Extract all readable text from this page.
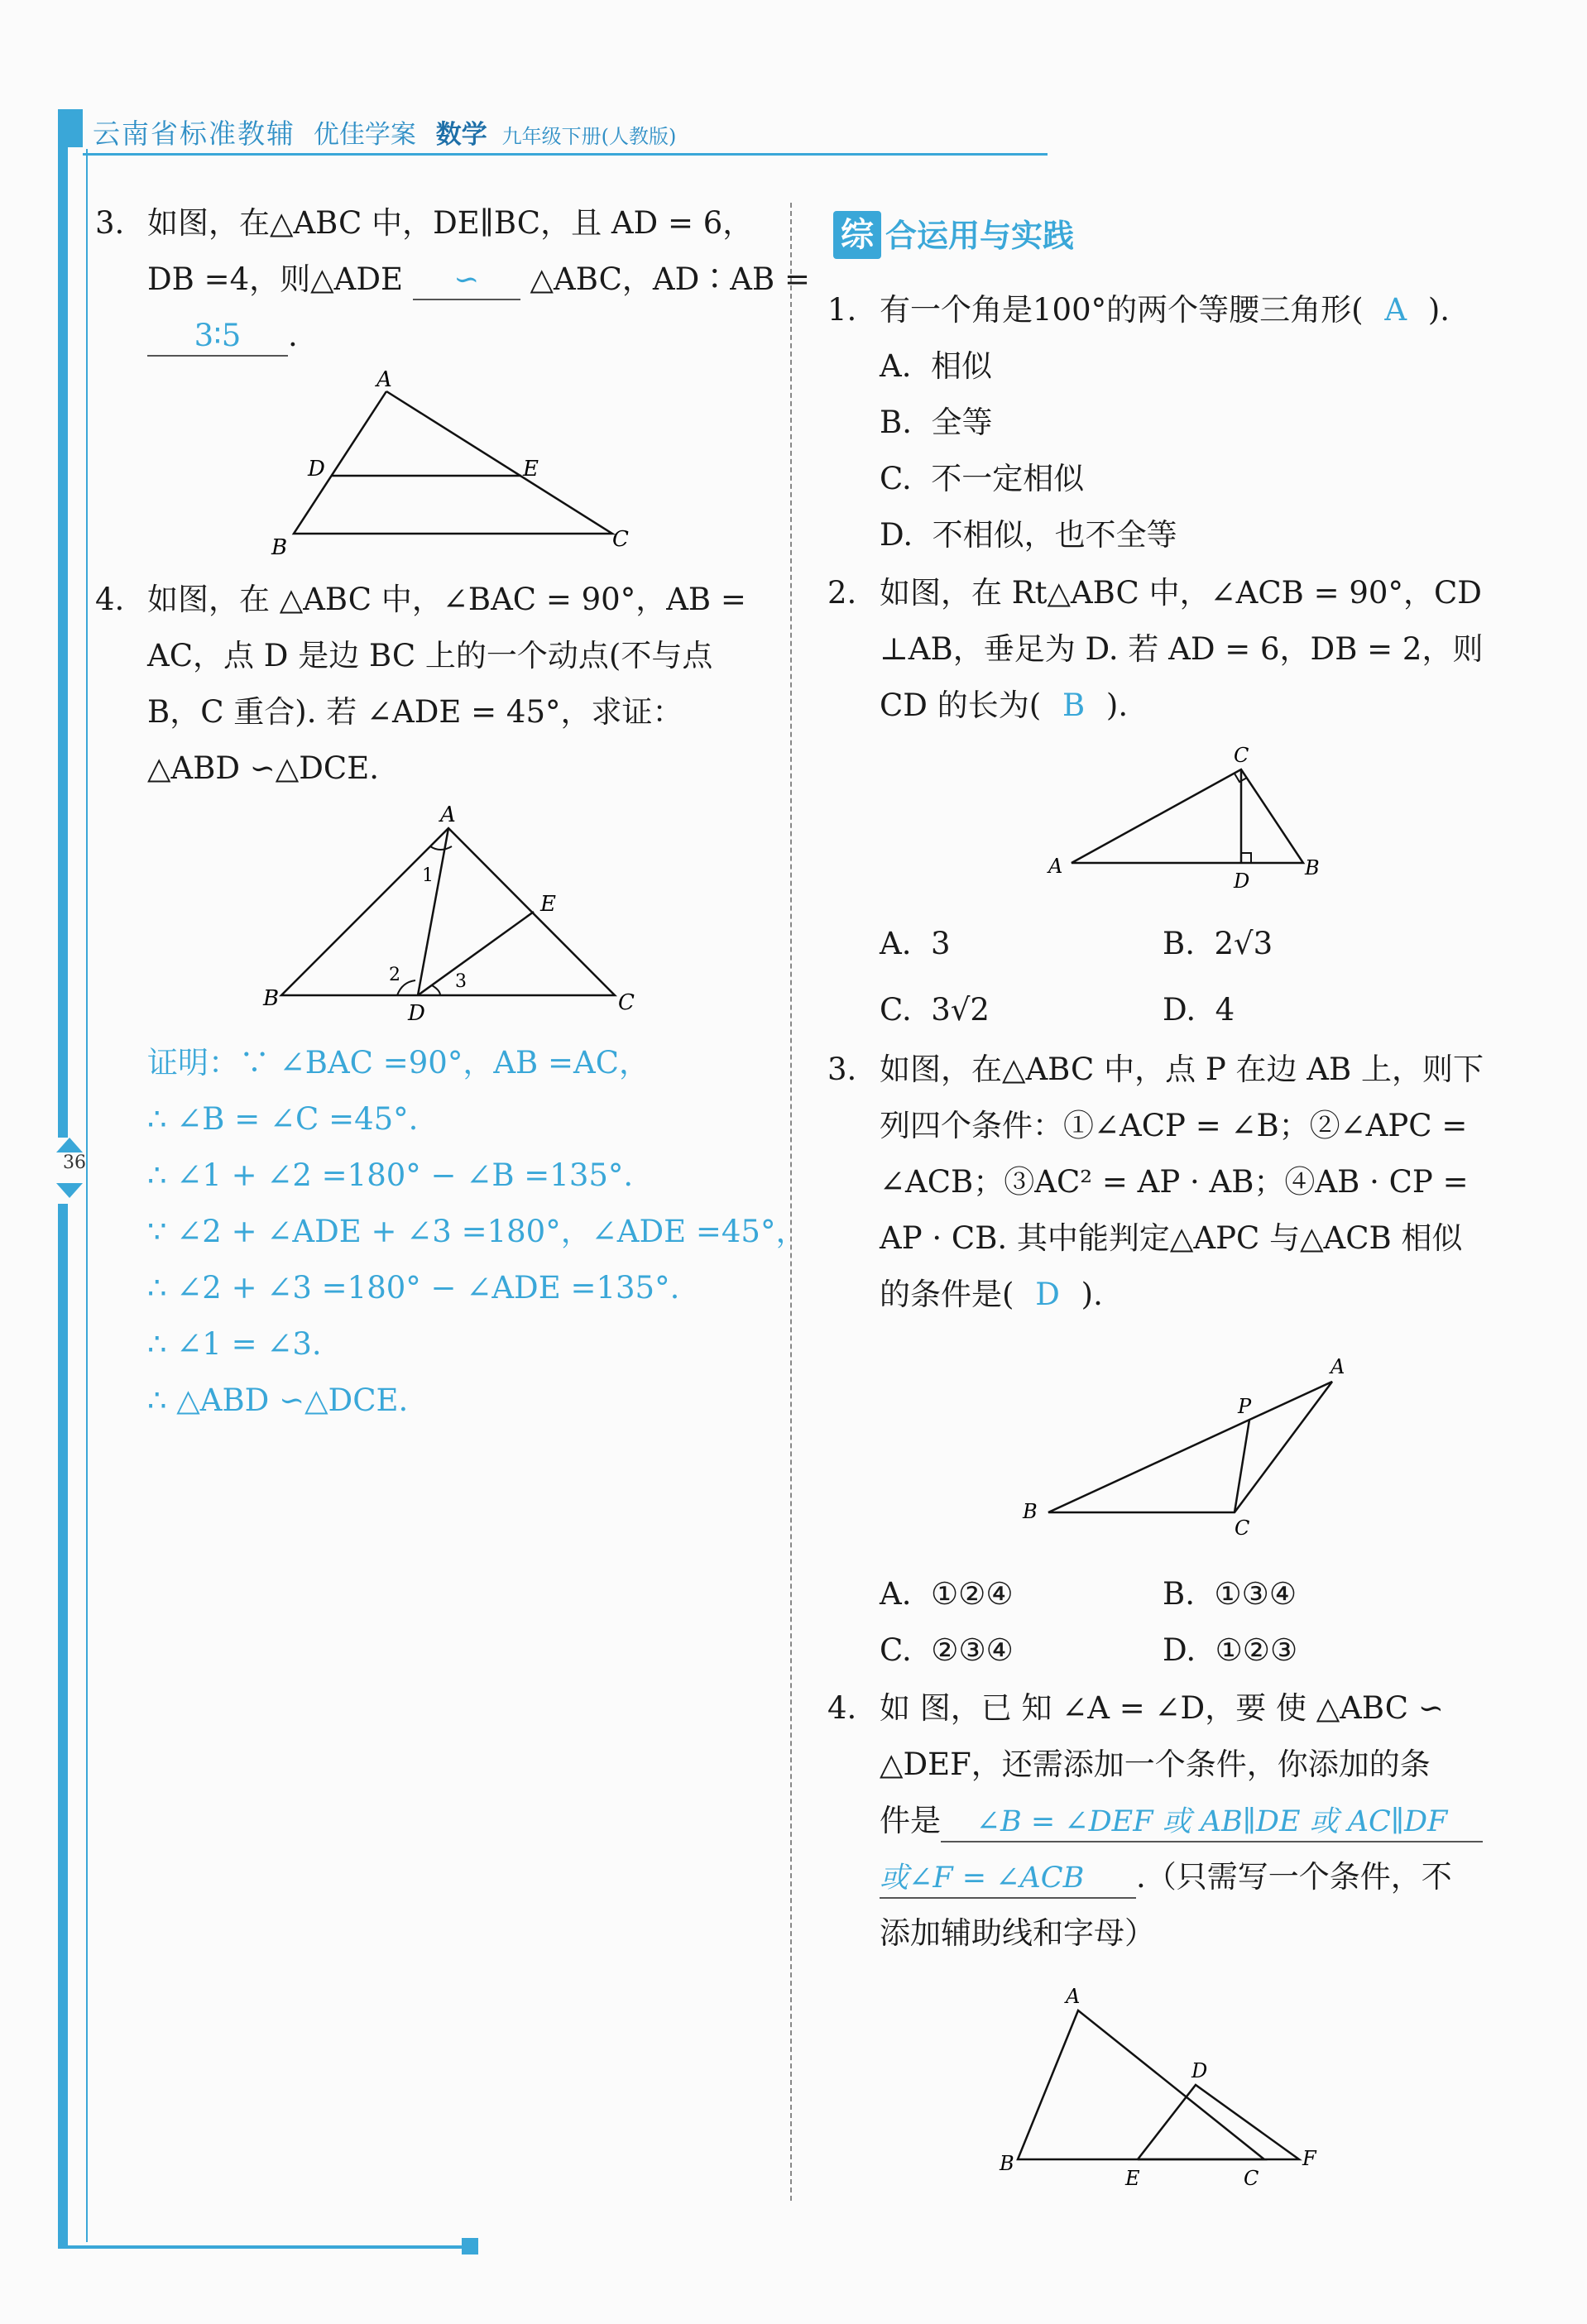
云南省标准教辅 优佳学案 数学 九年级下册(人教版)
36
3. 如图，在△ABC 中，DE∥BC，且 AD = 6，
DB =4，则△ADE ∽ △ABC，AD∶AB =
3∶5 .
A
D	E
B	C
4. 如图，在 △ABC 中，∠BAC = 90°，AB =
AC，点 D 是边 BC 上的一个动点(不与点
B，C 重合). 若 ∠ADE = 45°，求证：
△ABD ∽△DCE.
A
E
B	C
D
1
2	3
证明：∵ ∠BAC =90°，AB =AC，
∴ ∠B = ∠C =45°.
∴ ∠1 + ∠2 =180° − ∠B =135°.
∵ ∠2 + ∠ADE + ∠3 =180°，∠ADE =45°，
∴ ∠2 + ∠3 =180° − ∠ADE =135°.
∴ ∠1 = ∠3.
∴ △ABD ∽△DCE.
综 合运用与实践
1. 有一个角是100°的两个等腰三角形( A ).
A.  相似
B.  全等
C.  不一定相似
D.  不相似，也不全等
2. 如图，在 Rt△ABC 中，∠ACB = 90°，CD
⊥AB，垂足为 D. 若 AD = 6，DB = 2，则
CD 的长为( B ).
C
A	B
D
A.  3	B.  2√3
C.  3√2	D.  4
3. 如图，在△ABC 中，点 P 在边 AB 上，则下
列四个条件：①∠ACP = ∠B；②∠APC =
∠ACB；③AC² = AP · AB；④AB · CP =
AP · CB. 其中能判定△APC 与△ACB 相似
的条件是( D ).
A
P
B
C
A.  ①②④	B.  ①③④
C.  ②③④	D.  ①②③
4. 如 图，已 知 ∠A = ∠D，要 使 △ABC ∽
△DEF，还需添加一个条件，你添加的条
件是 ∠B = ∠DEF 或 AB∥DE 或 AC∥DF
或∠F = ∠ACB .（只需写一个条件，不
添加辅助线和字母）
A
D
B
E	C
F
